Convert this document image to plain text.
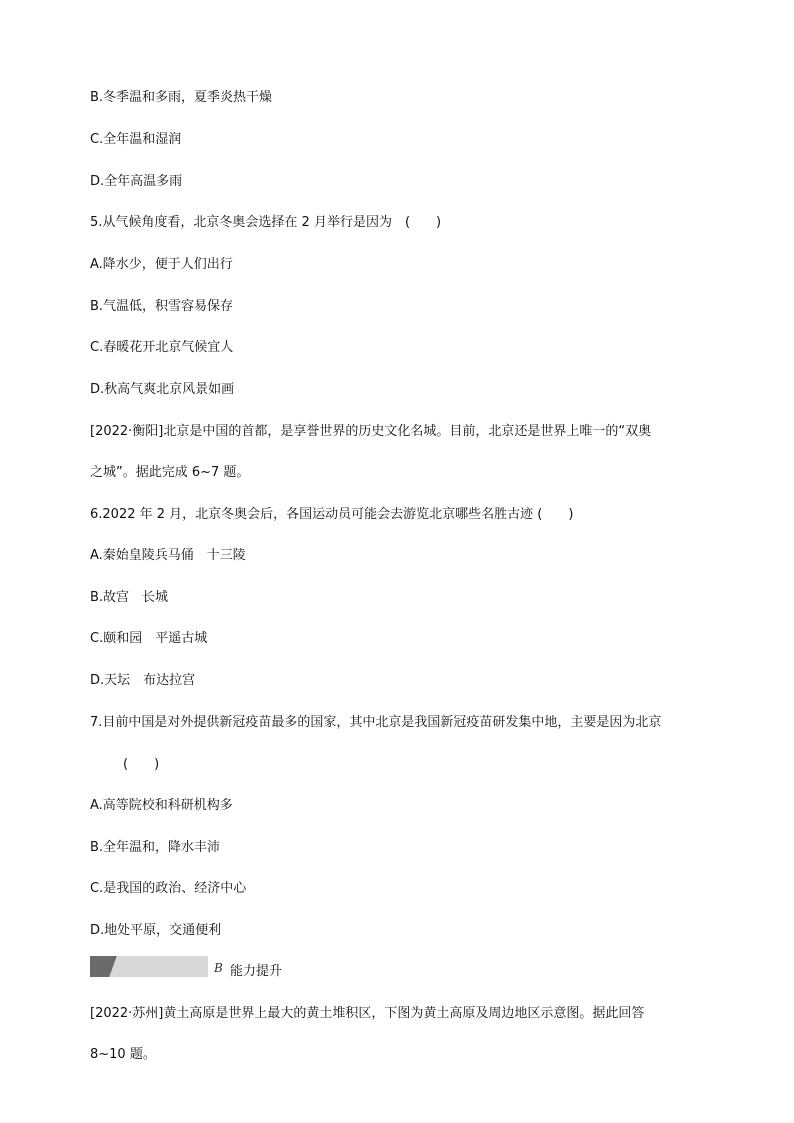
B.冬季温和多雨，夏季炎热干燥
C.全年温和湿润
D.全年高温多雨
5.从气候角度看，北京冬奥会选择在 2 月举行是因为　(　　)
A.降水少，便于人们出行
B.气温低，积雪容易保存
C.春暖花开北京气候宜人
D.秋高气爽北京风景如画
[2022·衡阳]北京是中国的首都，是享誉世界的历史文化名城。目前，北京还是世界上唯一的“双奥
之城”。据此完成 6~7 题。
6.2022 年 2 月，北京冬奥会后，各国运动员可能会去游览北京哪些名胜古迹 (　　)
A.秦始皇陵兵马俑　十三陵
B.故宫　长城
C.颐和园　平遥古城
D.天坛　布达拉宫
7.目前中国是对外提供新冠疫苗最多的国家，其中北京是我国新冠疫苗研发集中地，主要是因为北京
(　　)
A.高等院校和科研机构多
B.全年温和，降水丰沛
C.是我国的政治、经济中心
D.地处平原，交通便利
B 能力提升
[2022·苏州]黄土高原是世界上最大的黄土堆积区，下图为黄土高原及周边地区示意图。据此回答
8~10 题。
